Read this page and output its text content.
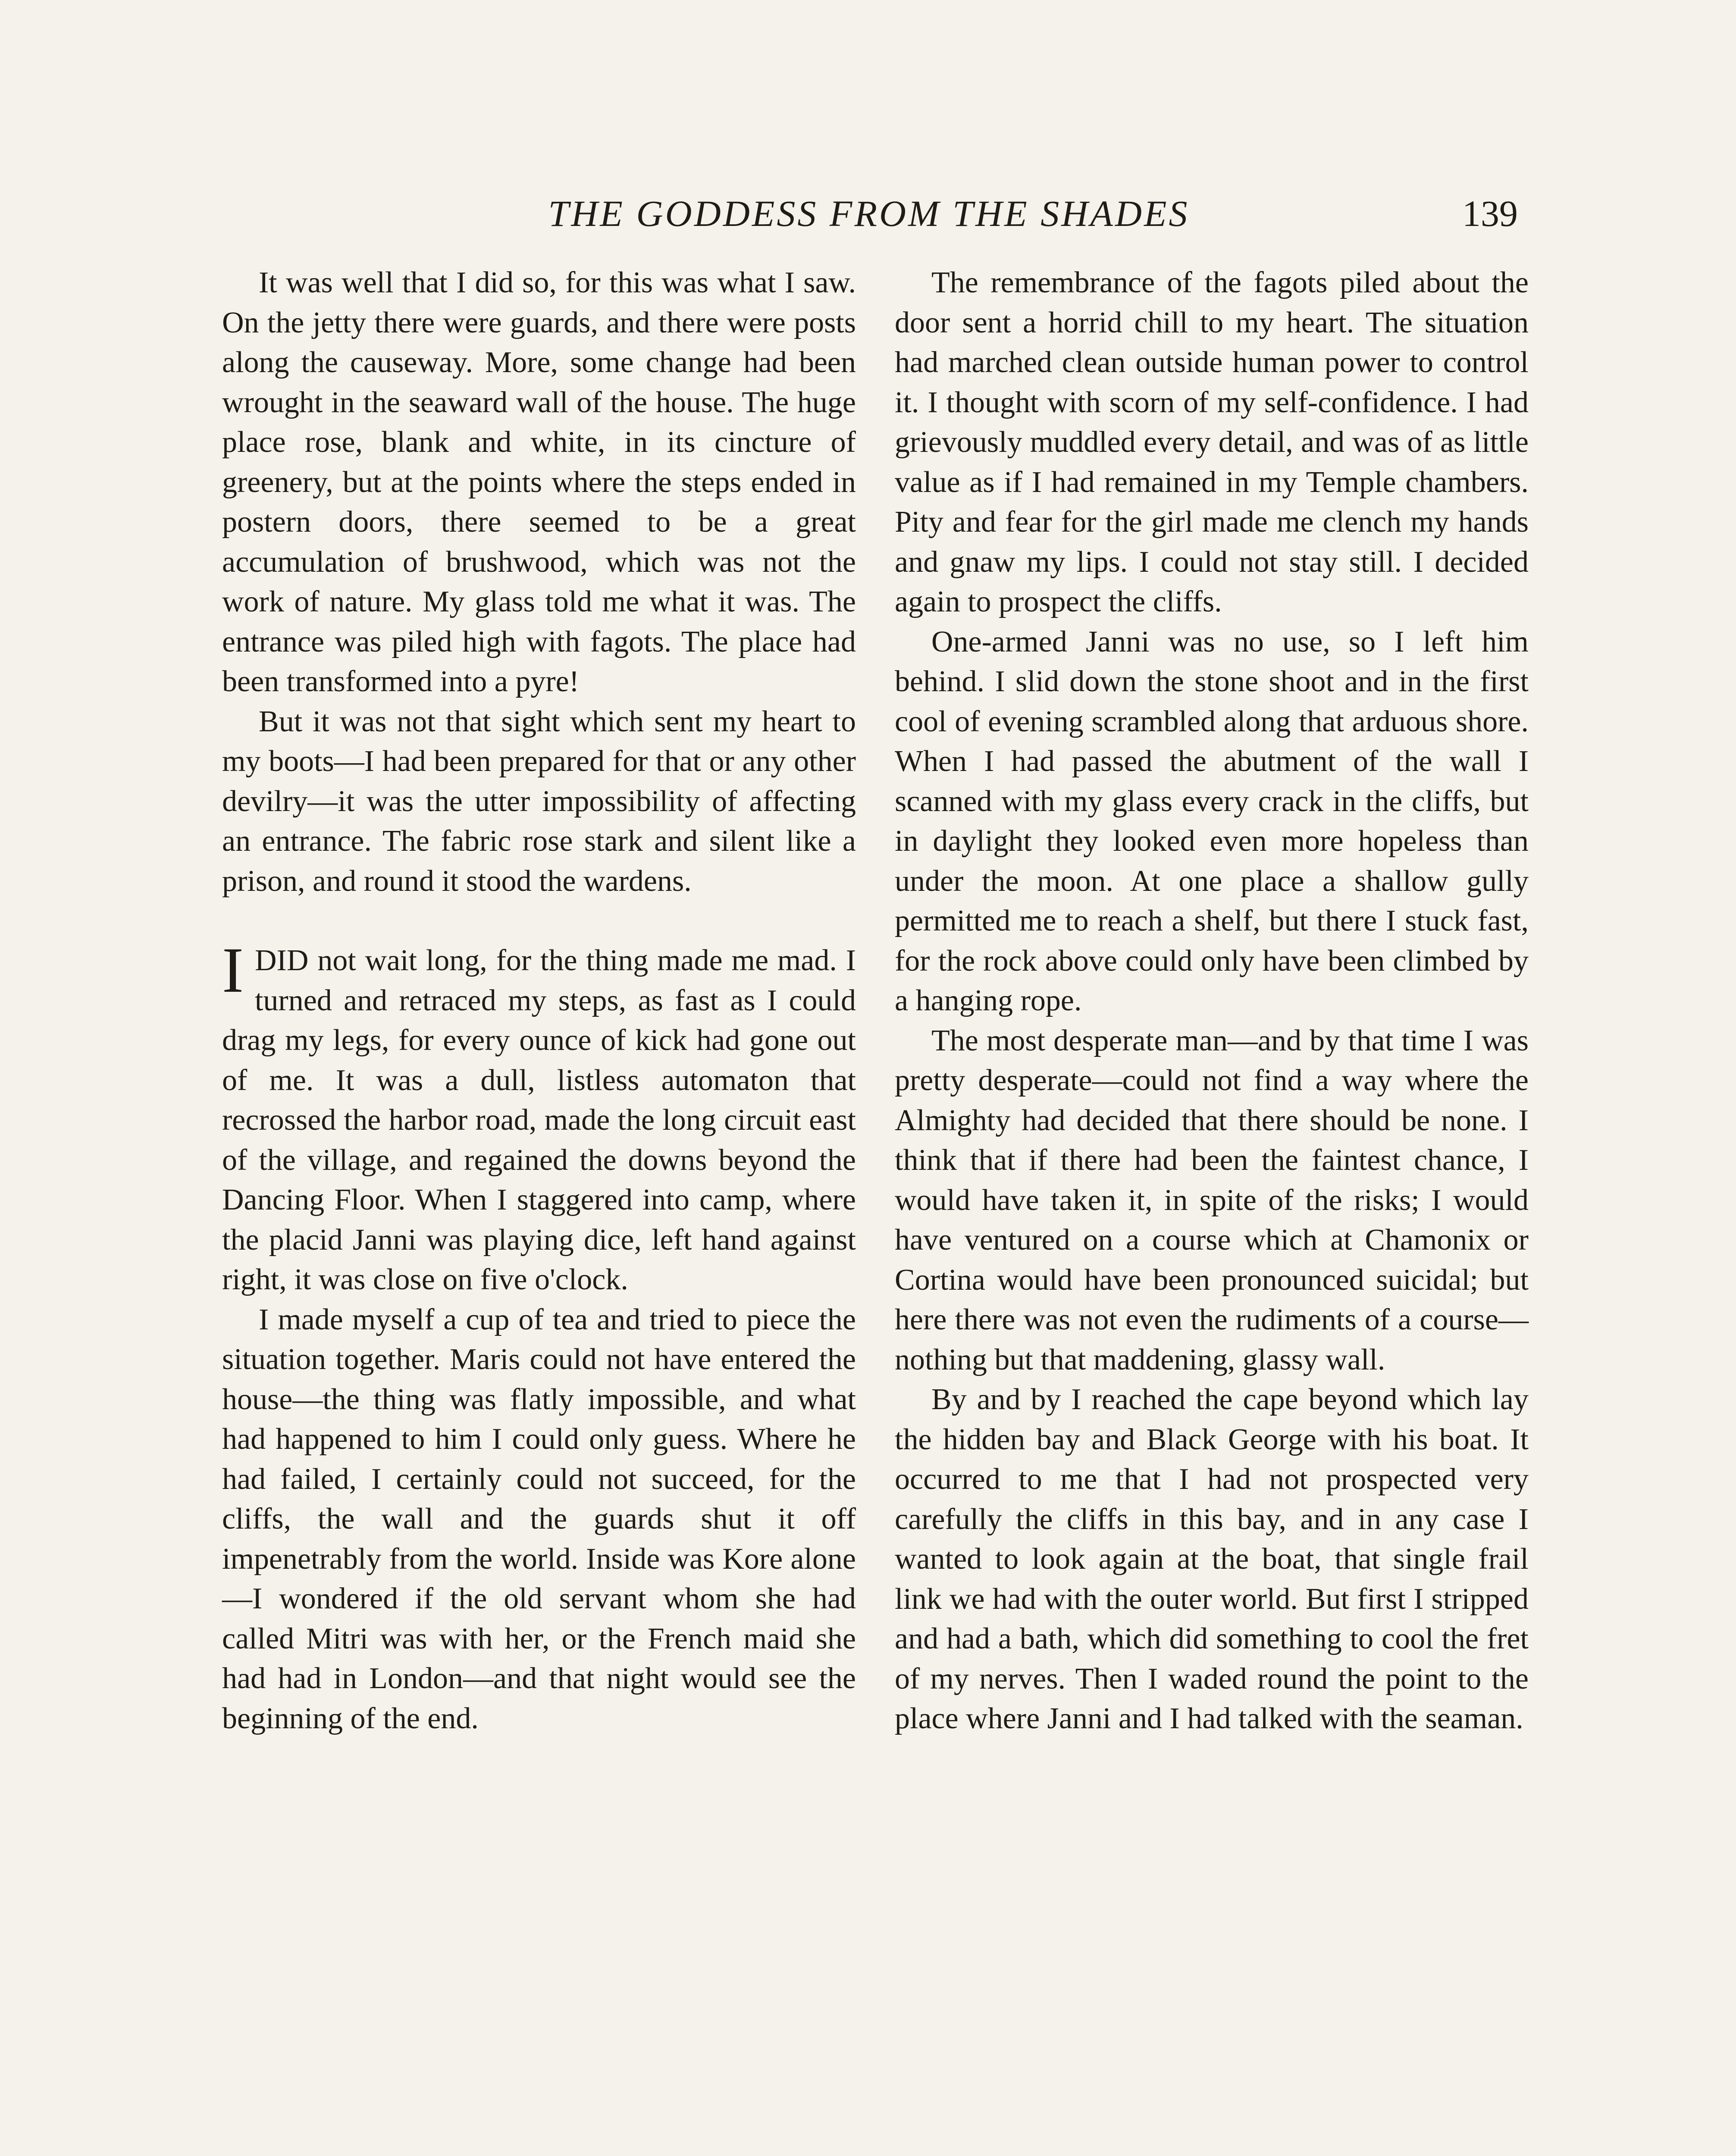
THE GODDESS FROM THE SHADES	139

It was well that I did so, for this was what I saw. On the jetty there were guards, and there were posts along the causeway. More, some change had been wrought in the seaward wall of the house. The huge place rose, blank and white, in its cincture of greenery, but at the points where the steps ended in postern doors, there seemed to be a great accumulation of brushwood, which was not the work of nature. My glass told me what it was. The entrance was piled high with fagots. The place had been transformed into a pyre!

But it was not that sight which sent my heart to my boots—I had been prepared for that or any other devilry—it was the utter impossibility of affecting an entrance. The fabric rose stark and silent like a prison, and round it stood the wardens.

IDID not wait long, for the thing made me mad. I turned and retraced my steps, as fast as I could drag my legs, for every ounce of kick had gone out of me. It was a dull, listless automaton that recrossed the harbor road, made the long circuit east of the village, and regained the downs beyond the Dancing Floor. When I staggered into camp, where the placid Janni was playing dice, left hand against right, it was close on five o'clock.

I made myself a cup of tea and tried to piece the situation together. Maris could not have entered the house—the thing was flatly impossible, and what had happened to him I could only guess. Where he had failed, I certainly could not succeed, for the cliffs, the wall and the guards shut it off impenetrably from the world. Inside was Kore alone —I wondered if the old servant whom she had called Mitri was with her, or the French maid she had had in London—and that night would see the beginning of the end.

The remembrance of the fagots piled about the door sent a horrid chill to my heart. The situation had marched clean outside human power to control it. I thought with scorn of my self-confidence. I had grievously muddled every detail, and was of as little value as if I had remained in my Temple chambers. Pity and fear for the girl made me clench my hands and gnaw my lips. I could not stay still. I decided again to prospect the cliffs.

One-armed Janni was no use, so I left him behind. I slid down the stone shoot and in the first cool of evening scrambled along that arduous shore. When I had passed the abutment of the wall I scanned with my glass every crack in the cliffs, but in daylight they looked even more hopeless than under the moon. At one place a shallow gully permitted me to reach a shelf, but there I stuck fast, for the rock above could only have been climbed by a hanging rope.

The most desperate man—and by that time I was pretty desperate—could not find a way where the Almighty had decided that there should be none. I think that if there had been the faintest chance, I would have taken it, in spite of the risks; I would have ventured on a course which at Chamonix or Cortina would have been pronounced suicidal; but here there was not even the rudiments of a course—nothing but that maddening, glassy wall.

By and by I reached the cape beyond which lay the hidden bay and Black George with his boat. It occurred to me that I had not prospected very carefully the cliffs in this bay, and in any case I wanted to look again at the boat, that single frail link we had with the outer world. But first I stripped and had a bath, which did something to cool the fret of my nerves. Then I waded round the point to the place where Janni and I had talked with the seaman.
